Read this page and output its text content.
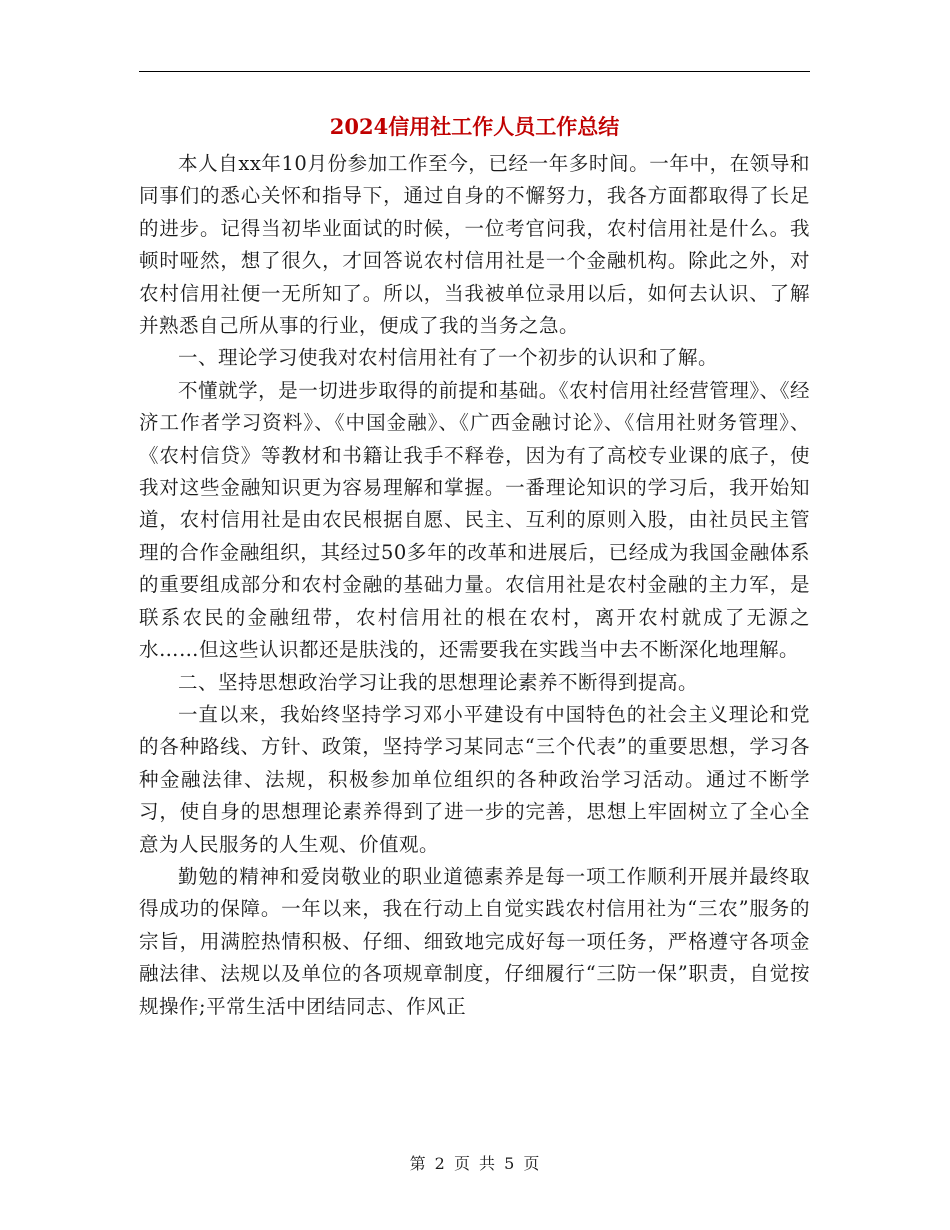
2024信用社工作人员工作总结

本人自xx年10月份参加工作至今，已经一年多时间。一年中，在领导和同事们的悉心关怀和指导下，通过自身的不懈努力，我各方面都取得了长足的进步。记得当初毕业面试的时候，一位考官问我，农村信用社是什么。我顿时哑然，想了很久，才回答说农村信用社是一个金融机构。除此之外，对农村信用社便一无所知了。所以，当我被单位录用以后，如何去认识、了解并熟悉自己所从事的行业，便成了我的当务之急。

一、理论学习使我对农村信用社有了一个初步的认识和了解。

不懂就学，是一切进步取得的前提和基础。《农村信用社经营管理》、《经济工作者学习资料》、《中国金融》、《广西金融讨论》、《信用社财务管理》、《农村信贷》等教材和书籍让我手不释卷，因为有了高校专业课的底子，使我对这些金融知识更为容易理解和掌握。一番理论知识的学习后，我开始知道，农村信用社是由农民根据自愿、民主、互利的原则入股，由社员民主管理的合作金融组织，其经过50多年的改革和进展后，已经成为我国金融体系的重要组成部分和农村金融的基础力量。农信用社是农村金融的主力军，是联系农民的金融纽带，农村信用社的根在农村，离开农村就成了无源之水……但这些认识都还是肤浅的，还需要我在实践当中去不断深化地理解。

二、坚持思想政治学习让我的思想理论素养不断得到提高。

一直以来，我始终坚持学习邓小平建设有中国特色的社会主义理论和党的各种路线、方针、政策，坚持学习某同志“三个代表”的重要思想，学习各种金融法律、法规，积极参加单位组织的各种政治学习活动。通过不断学习，使自身的思想理论素养得到了进一步的完善，思想上牢固树立了全心全意为人民服务的人生观、价值观。

勤勉的精神和爱岗敬业的职业道德素养是每一项工作顺利开展并最终取得成功的保障。一年以来，我在行动上自觉实践农村信用社为“三农”服务的宗旨，用满腔热情积极、仔细、细致地完成好每一项任务，严格遵守各项金融法律、法规以及单位的各项规章制度，仔细履行“三防一保”职责，自觉按规操作;平常生活中团结同志、作风正

第 2 页 共 5 页
